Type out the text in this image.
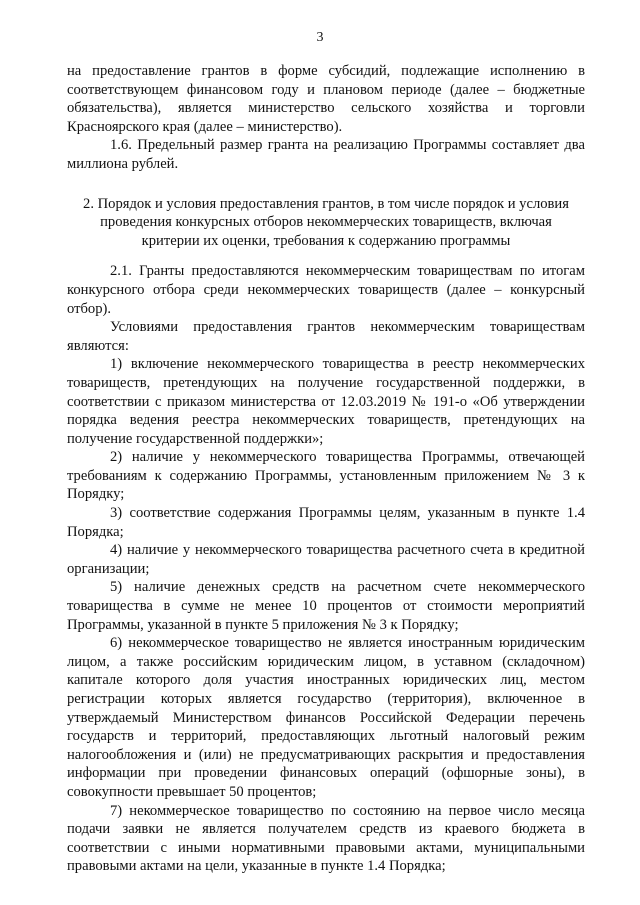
3

на предоставление грантов в форме субсидий, подлежащие исполнению в соответствующем финансовом году и плановом периоде (далее – бюджетные обязательства), является министерство сельского хозяйства и торговли Красноярского края (далее – министерство).

1.6. Предельный размер гранта на реализацию Программы составляет два миллиона рублей.

2. Порядок и условия предоставления грантов, в том числе порядок и условия проведения конкурсных отборов некоммерческих товариществ, включая критерии их оценки, требования к содержанию программы

2.1. Гранты предоставляются некоммерческим товариществам по итогам конкурсного отбора среди некоммерческих товариществ (далее – конкурсный отбор).

Условиями предоставления грантов некоммерческим товариществам являются:

1) включение некоммерческого товарищества в реестр некоммерческих товариществ, претендующих на получение государственной поддержки, в соответствии с приказом министерства от 12.03.2019 № 191-о «Об утверждении порядка ведения реестра некоммерческих товариществ, претендующих на получение государственной поддержки»;

2) наличие у некоммерческого товарищества Программы, отвечающей требованиям к содержанию Программы, установленным приложением № 3 к Порядку;

3) соответствие содержания Программы целям, указанным в пункте 1.4 Порядка;

4) наличие у некоммерческого товарищества расчетного счета в кредитной организации;

5) наличие денежных средств на расчетном счете некоммерческого товарищества в сумме не менее 10 процентов от стоимости мероприятий Программы, указанной в пункте 5 приложения № 3 к Порядку;

6) некоммерческое товарищество не является иностранным юридическим лицом, а также российским юридическим лицом, в уставном (складочном) капитале которого доля участия иностранных юридических лиц, местом регистрации которых является государство (территория), включенное в утверждаемый Министерством финансов Российской Федерации перечень государств и территорий, предоставляющих льготный налоговый режим налогообложения и (или) не предусматривающих раскрытия и предоставления информации при проведении финансовых операций (офшорные зоны), в совокупности превышает 50 процентов;

7) некоммерческое товарищество по состоянию на первое число месяца подачи заявки не является получателем средств из краевого бюджета в соответствии с иными нормативными правовыми актами, муниципальными правовыми актами на цели, указанные в пункте 1.4 Порядка;
